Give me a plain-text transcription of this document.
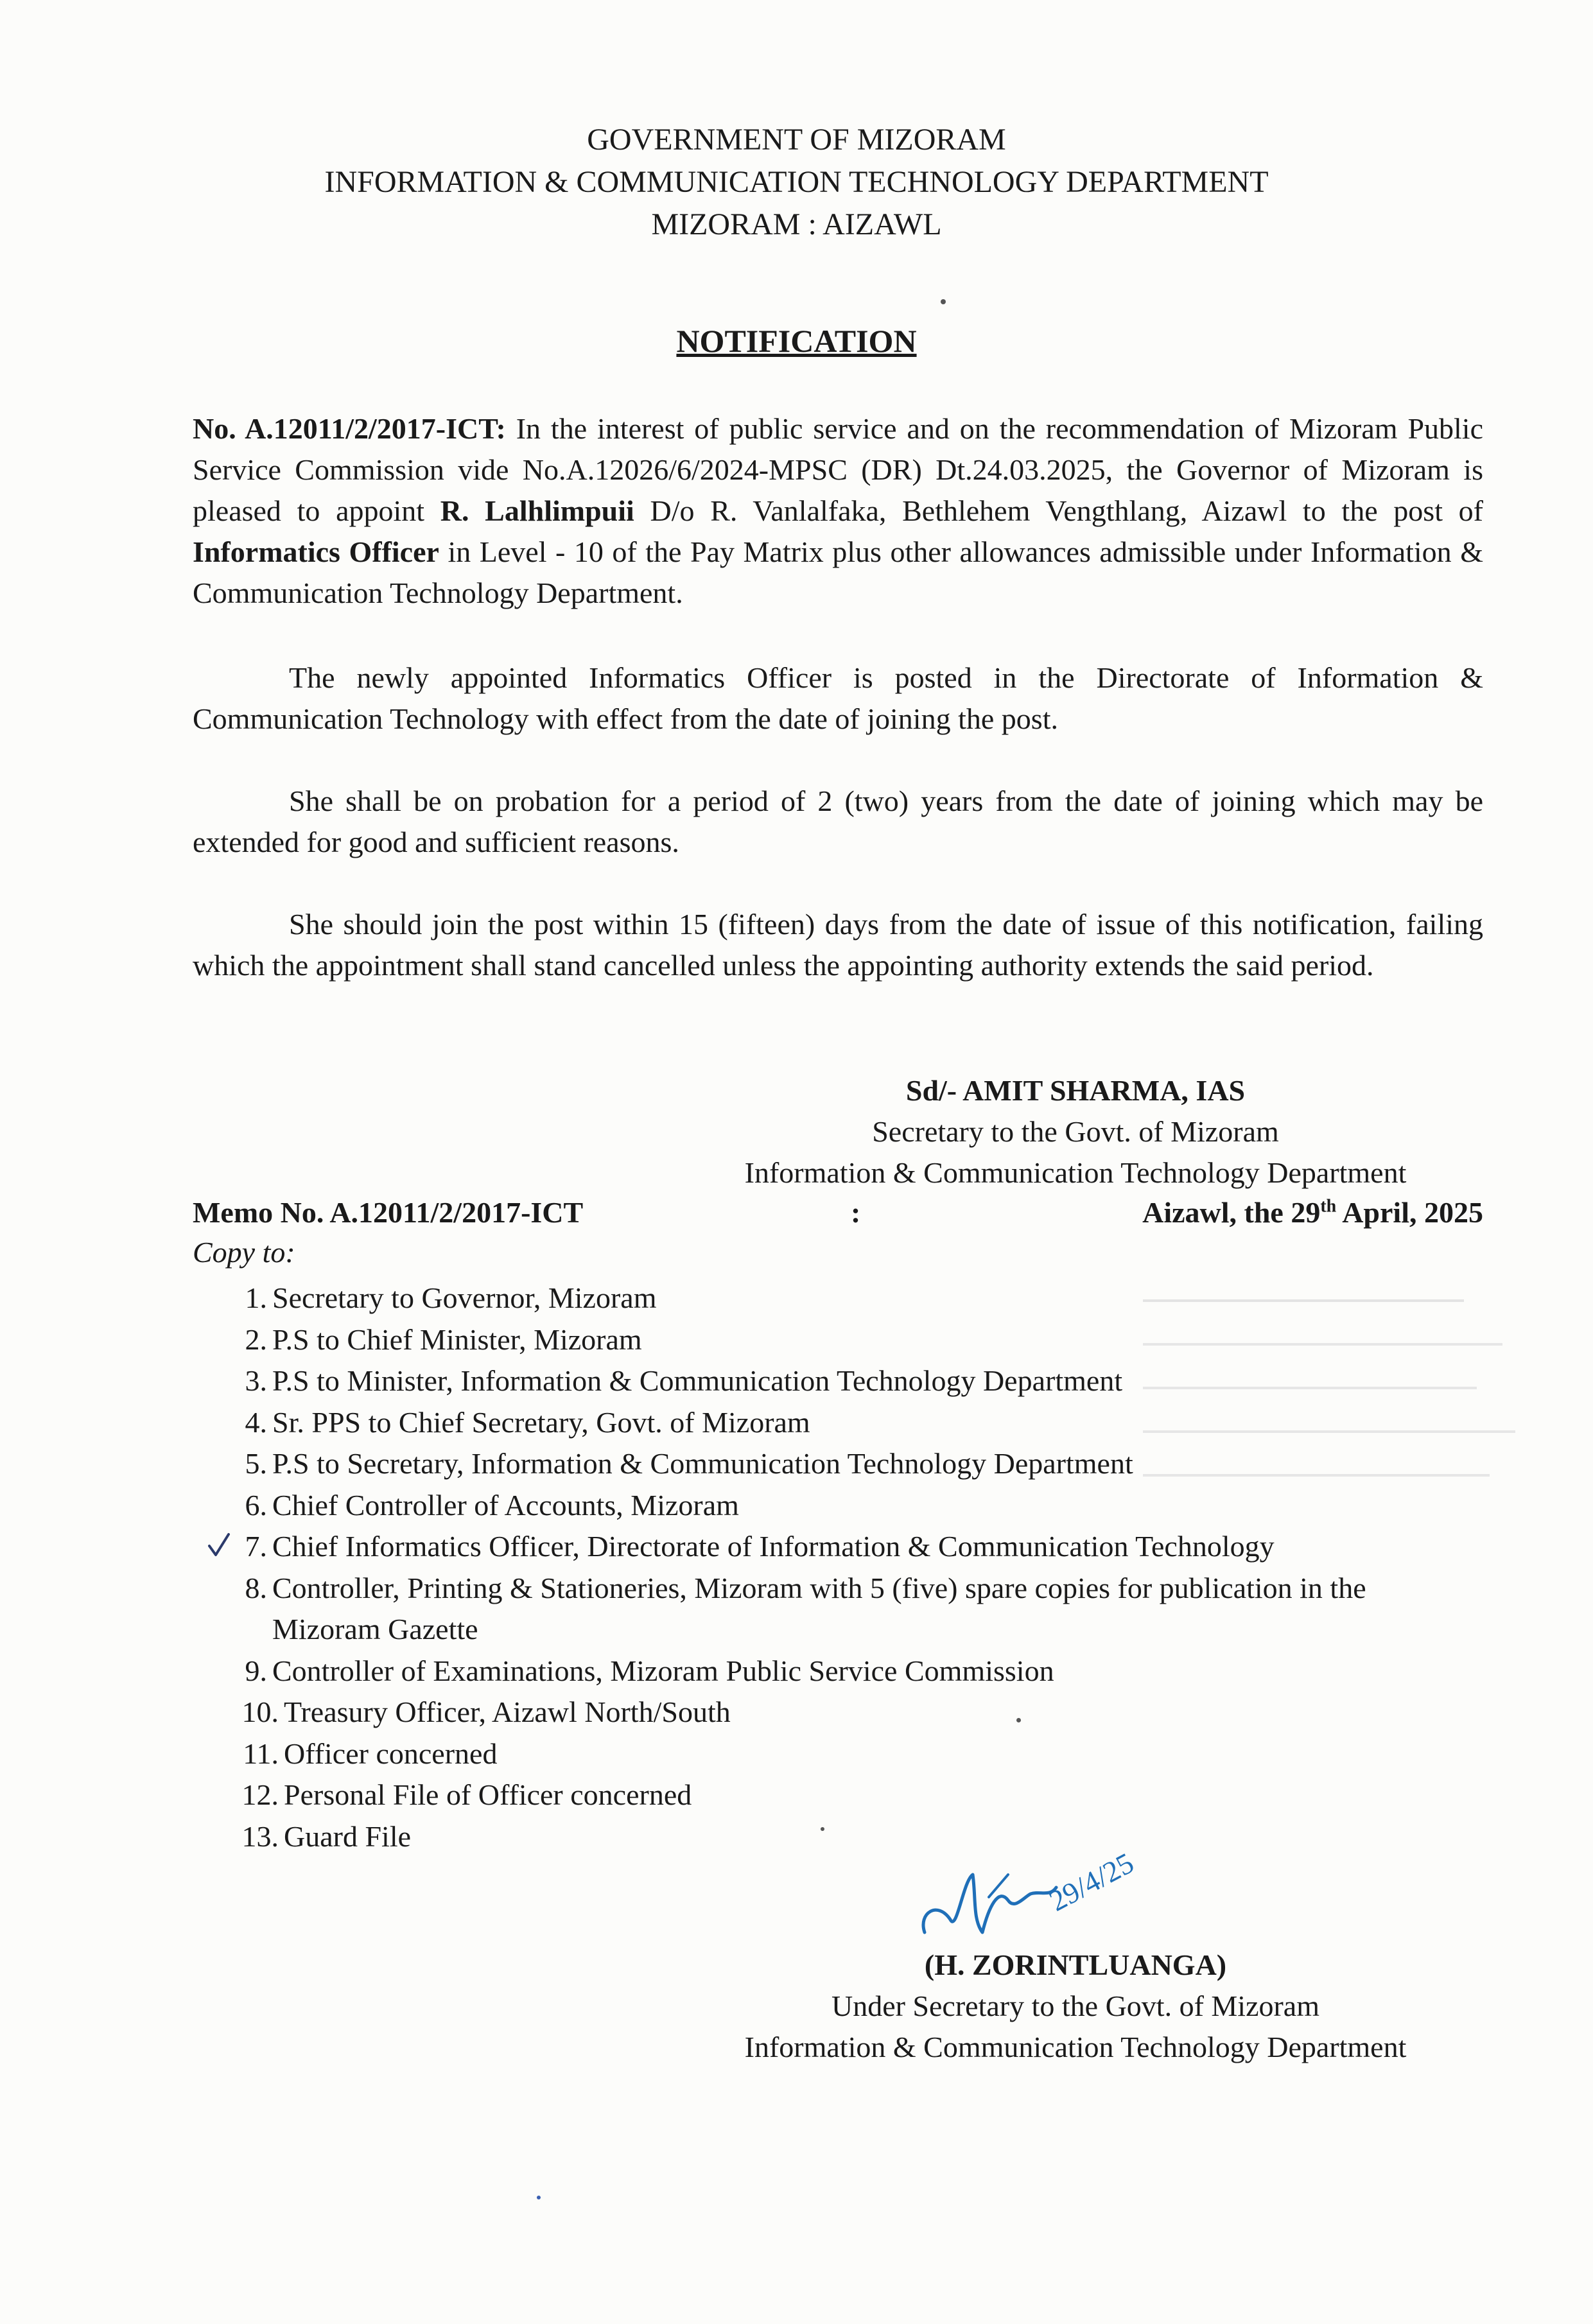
GOVERNMENT OF MIZORAM
INFORMATION & COMMUNICATION TECHNOLOGY DEPARTMENT
MIZORAM : AIZAWL
NOTIFICATION
No. A.12011/2/2017-ICT: In the interest of public service and on the recommendation of Mizoram Public Service Commission vide No.A.12026/6/2024-MPSC (DR) Dt.24.03.2025, the Governor of Mizoram is pleased to appoint R. Lalhlimpuii D/o R. Vanlalfaka, Bethlehem Vengthlang, Aizawl to the post of Informatics Officer in Level - 10 of the Pay Matrix plus other allowances admissible under Information & Communication Technology Department.
The newly appointed Informatics Officer is posted in the Directorate of Information & Communication Technology with effect from the date of joining the post.
She shall be on probation for a period of 2 (two) years from the date of joining which may be extended for good and sufficient reasons.
She should join the post within 15 (fifteen) days from the date of issue of this notification, failing which the appointment shall stand cancelled unless the appointing authority extends the said period.
Sd/- AMIT SHARMA, IAS
Secretary to the Govt. of Mizoram
Information & Communication Technology Department
Memo No. A.12011/2/2017-ICT	:	Aizawl, the 29th April, 2025
Copy to:
1. Secretary to Governor, Mizoram
2. P.S to Chief Minister, Mizoram
3. P.S to Minister, Information & Communication Technology Department
4. Sr. PPS to Chief Secretary, Govt. of Mizoram
5. P.S to Secretary, Information & Communication Technology Department
6. Chief Controller of Accounts, Mizoram
7. Chief Informatics Officer, Directorate of Information & Communication Technology
8. Controller, Printing & Stationeries, Mizoram with 5 (five) spare copies for publication in the Mizoram Gazette
9. Controller of Examinations, Mizoram Public Service Commission
10. Treasury Officer, Aizawl North/South
11. Officer concerned
12. Personal File of Officer concerned
13. Guard File
29/4/25
(H. ZORINTLUANGA)
Under Secretary to the Govt. of Mizoram
Information & Communication Technology Department
